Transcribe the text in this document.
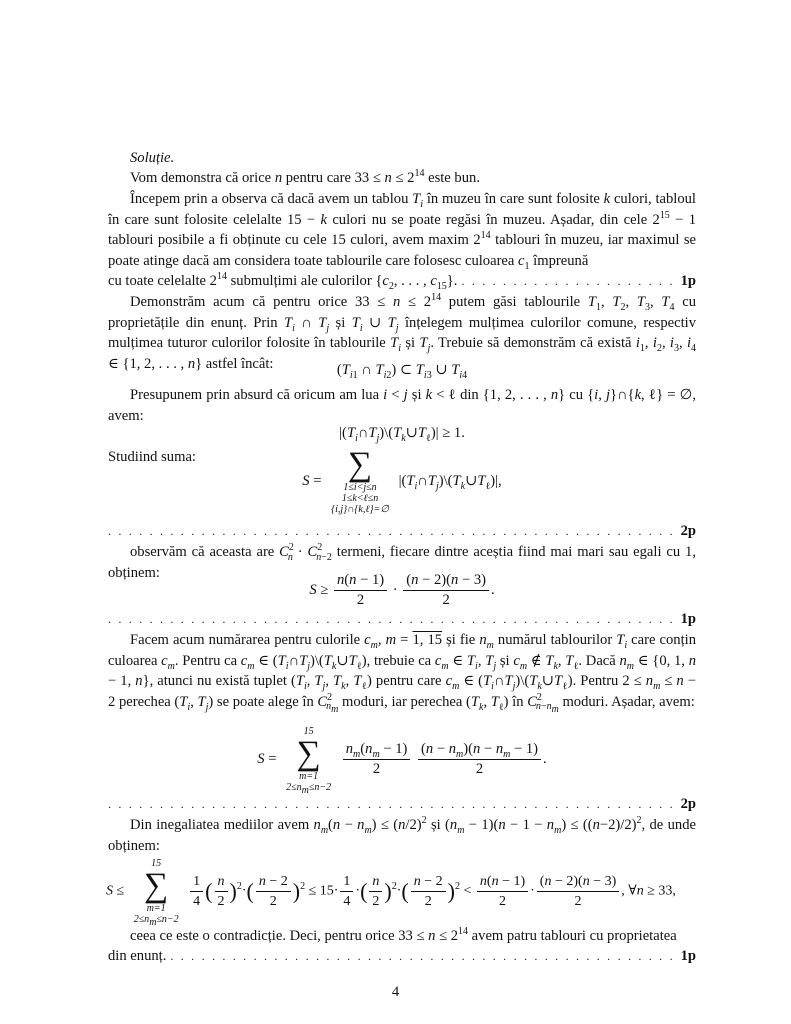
Soluție.
Vom demonstra că orice n pentru care $33 \le n \le 2^{14}$ este bun.
Începem prin a observa că dacă avem un tablou $T_i$ în muzeu în care sunt folosite k culori, tabloul în care sunt folosite celelalte 15 − k culori nu se poate regăsi în muzeu. Așadar, din cele $2^{15} - 1$ tablouri posibile a fi obținute cu cele 15 culori, avem maxim $2^{14}$ tablouri în muzeu, iar maximul se poate atinge dacă am considera toate tablourile care folosesc culoarea $c_1$ împreună
cu toate celelalte $2^{14}$ submulțimi ale culorilor {$c_2$, . . . , $c_{15}$}. . . .	1p
Demonstrăm acum că pentru orice $33 \le n \le 2^{14}$ putem găsi tablourile $T_1$, $T_2$, $T_3$, $T_4$ cu proprietățile din enunț. Prin $T_i$ ∩ $T_j$ și $T_i$ ∪ $T_j$ înțelegem mulțimea culorilor comune, respectiv mulțimea tuturor culorilor folosite în tablourile $T_i$ și $T_j$. Trebuie să demonstrăm că există $i_1$, $i_2$, $i_3$, $i_4$ ∈ {1, 2, . . . , n} astfel încât:	($T_{i1}$ ∩ $T_{i2}$) ⊂ $T_{i3}$ ∪ $T_{i4}$
Presupunem prin absurd că oricum am lua i < j și k < ℓ din {1, 2, . . . , n} cu {i, j}∩{k, ℓ} = ∅, avem:
$|(T_i\cap T_j)\backslash(T_k\cup T_\ell)| \ge 1$.
Studiind suma:
S = ∑
1≤i<j≤n
1≤k<ℓ≤n
{i,j}∩{k,ℓ}=∅
$|(T_i\cap T_j)\backslash(T_k\cup T_\ell)|$,
. . .
2p
observăm că aceasta are $C^2_n \cdot C^2_{n-2}$ termeni, fiecare dintre aceștia fiind mai mari sau egali cu 1, obținem:
$S \ge \frac{n(n - 1)}{2} \cdot \frac{(n - 2)(n - 3)}{2}$ .
. . .
1p
Facem acum numărarea pentru culorile $c_m$, m = 1, 15 și fie $n_m$ numărul tablourilor $T_i$ care conțin culoarea $c_m$. Pentru ca $c_m$ ∈ $(T_i\cap T_j)\backslash(T_k\cup T_\ell)$, trebuie ca $c_m$ ∈ $T_i$, $T_j$ și $c_m$ ∉ $T_k$, $T_\ell$. Dacă $n_m$ ∈ {0, 1, n − 1, n}, atunci nu există tuplet ($T_i$, $T_j$, $T_k$, $T_\ell$) pentru care $c_m$ ∈ $(T_i\cap T_j)\backslash(T_k\cup T_\ell)$. Pentru $2 \le n_m \le n - 2$ perechea ($T_i$, $T_j$) se poate alege în $C^2_{n_m}$ moduri, iar perechea ($T_k$, $T_\ell$) în $C^2_{n-n_m}$ moduri. Așadar, avem:
S =
15
∑
m=1
$2\le n_m\le n-2$

$\frac{n_m(n_m - 1)}{2}$
$\frac{(n - n_m)(n - n_m - 1)}{2}$ .
. . .
2p
Din inegaliatea mediilor avem $n_m(n - n_m) \le (n/2)^2$ și $(n_m - 1)(n - 1 - n_m) \le ((n-2)/2)^2$, de unde obținem:
S ≤
15
∑
m=1
$2\le n_m\le n-2$

$\frac{1}{4}$ ( $\frac{n}{2} )^2\cdot( \frac{n - 2}{2} )^2 \le 15\cdot \frac{1}{4}$ ·( $\frac{n}{2} )^2\cdot( \frac{n - 2}{2} )^2 < \frac{n(n - 1)}{2} \cdot \frac{(n - 2)(n - 3)}{2}$ , ∀n ≥ 33,
ceea ce este o contradicție. Deci, pentru orice $33 \le n \le 2^{14}$ avem patru tablouri cu proprietatea
din enunț. . . .	1p
4
